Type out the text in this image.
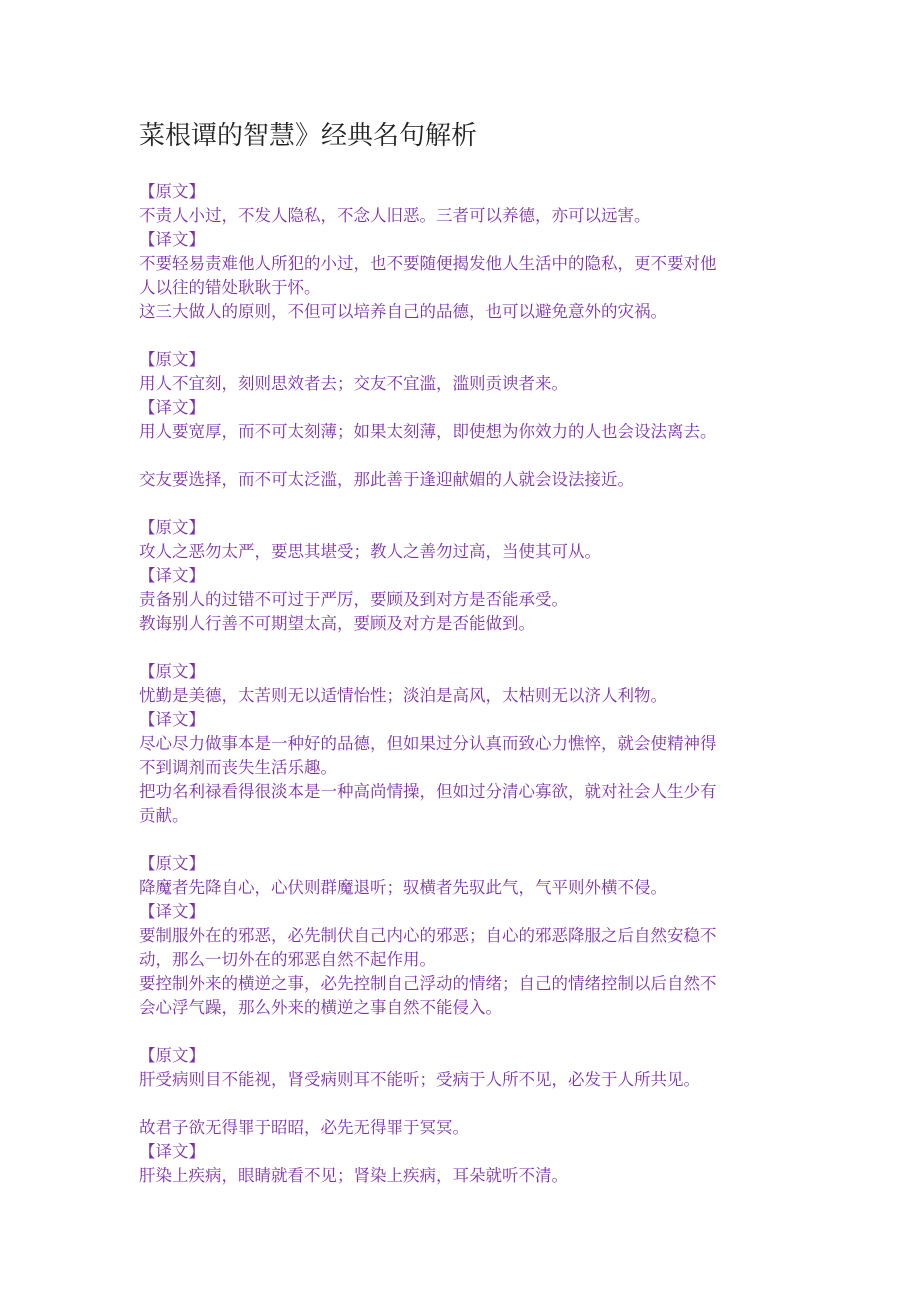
菜根谭的智慧》经典名句解析
【原文】
不责人小过，不发人隐私，不念人旧恶。三者可以养德，亦可以远害。
【译文】
不要轻易责难他人所犯的小过，也不要随便揭发他人生活中的隐私，更不要对他
人以往的错处耿耿于怀。
这三大做人的原则，不但可以培养自己的品德，也可以避免意外的灾祸。
【原文】
用人不宜刻，刻则思效者去；交友不宜滥，滥则贡谀者来。
【译文】
用人要宽厚，而不可太刻薄；如果太刻薄，即使想为你效力的人也会设法离去。
交友要选择，而不可太泛滥，那此善于逢迎献媚的人就会设法接近。
【原文】
攻人之恶勿太严，要思其堪受；教人之善勿过高，当使其可从。
【译文】
责备别人的过错不可过于严厉，要顾及到对方是否能承受。
教诲别人行善不可期望太高，要顾及对方是否能做到。
【原文】
忧勤是美德，太苦则无以适情怡性；淡泊是高风，太枯则无以济人利物。
【译文】
尽心尽力做事本是一种好的品德，但如果过分认真而致心力憔悴，就会使精神得
不到调剂而丧失生活乐趣。
把功名利禄看得很淡本是一种高尚情操，但如过分清心寡欲，就对社会人生少有
贡献。
【原文】
降魔者先降自心，心伏则群魔退听；驭横者先驭此气，气平则外横不侵。
【译文】
要制服外在的邪恶，必先制伏自己内心的邪恶；自心的邪恶降服之后自然安稳不
动，那么一切外在的邪恶自然不起作用。
要控制外来的横逆之事，必先控制自己浮动的情绪；自己的情绪控制以后自然不
会心浮气躁，那么外来的横逆之事自然不能侵入。
【原文】
肝受病则目不能视，肾受病则耳不能听；受病于人所不见，必发于人所共见。
故君子欲无得罪于昭昭，必先无得罪于冥冥。
【译文】
肝染上疾病，眼睛就看不见；肾染上疾病，耳朵就听不清。
